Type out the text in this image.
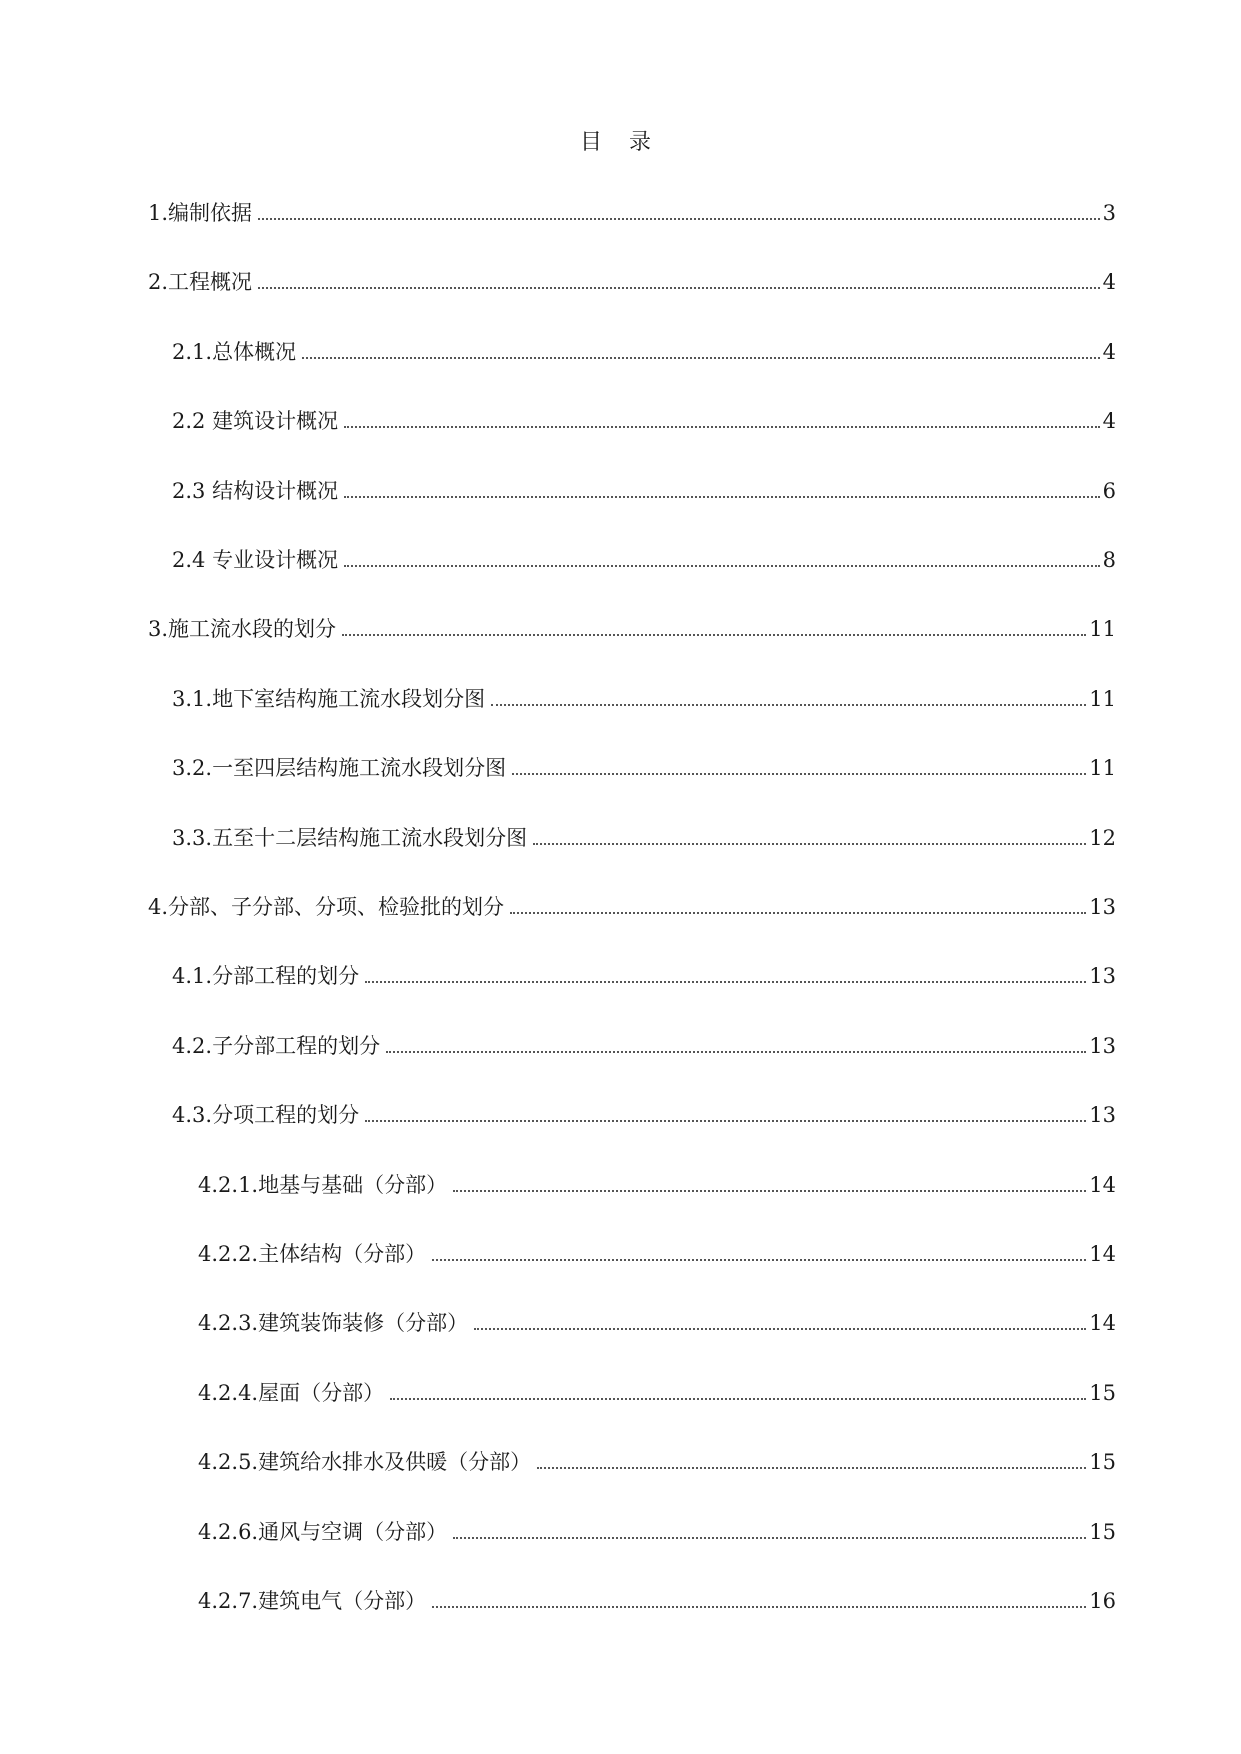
目 录
1.编制依据	3
2.工程概况	4
2.1.总体概况	4
2.2 建筑设计概况	4
2.3 结构设计概况	6
2.4 专业设计概况	8
3.施工流水段的划分	11
3.1.地下室结构施工流水段划分图	11
3.2.一至四层结构施工流水段划分图	11
3.3.五至十二层结构施工流水段划分图	12
4.分部、子分部、分项、检验批的划分	13
4.1.分部工程的划分	13
4.2.子分部工程的划分	13
4.3.分项工程的划分	13
4.2.1.地基与基础（分部）	14
4.2.2.主体结构（分部）	14
4.2.3.建筑装饰装修（分部）	14
4.2.4.屋面（分部）	15
4.2.5.建筑给水排水及供暖（分部）	15
4.2.6.通风与空调（分部）	15
4.2.7.建筑电气（分部）	16
